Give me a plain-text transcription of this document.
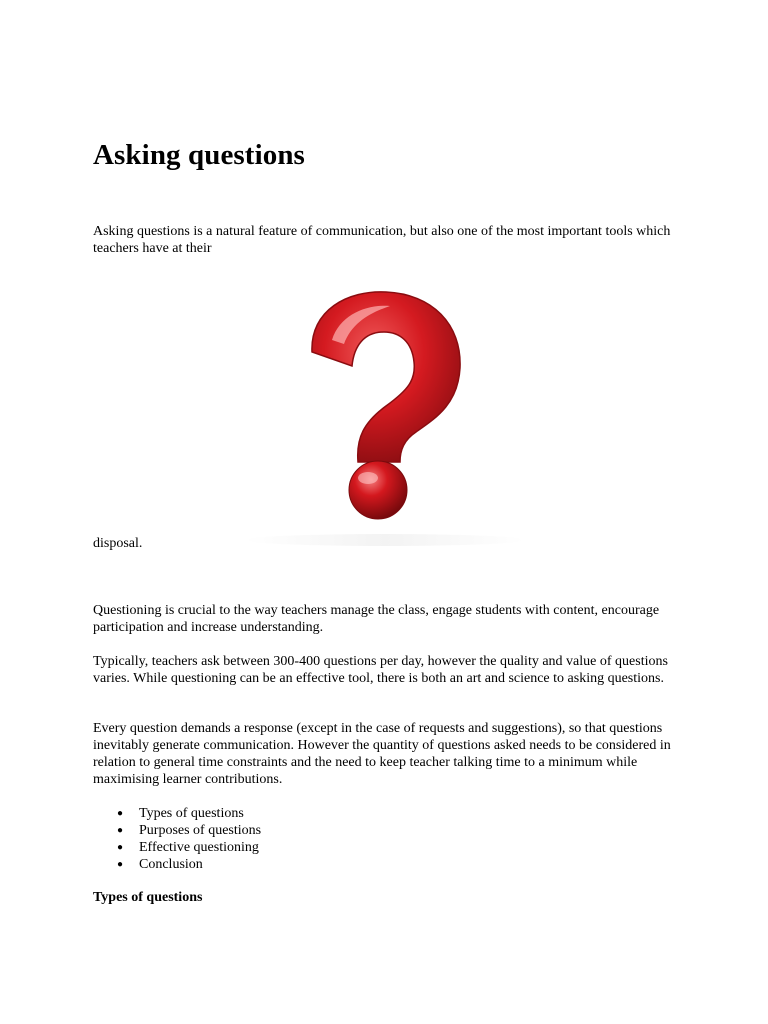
Asking questions

Asking questions is a natural feature of communication, but also one of the most important tools which teachers have at their

disposal.

Questioning is crucial to the way teachers manage the class, engage students with content, encourage participation and increase understanding.

Typically, teachers ask between 300-400 questions per day, however the quality and value of questions varies. While questioning can be an effective tool, there is both an art and science to asking questions.

Every question demands a response (except in the case of requests and suggestions), so that questions inevitably generate communication. However the quantity of questions asked needs to be considered in relation to general time constraints and the need to keep teacher talking time to a minimum while maximising learner contributions.

● Types of questions
● Purposes of questions
● Effective questioning
● Conclusion

Types of questions
